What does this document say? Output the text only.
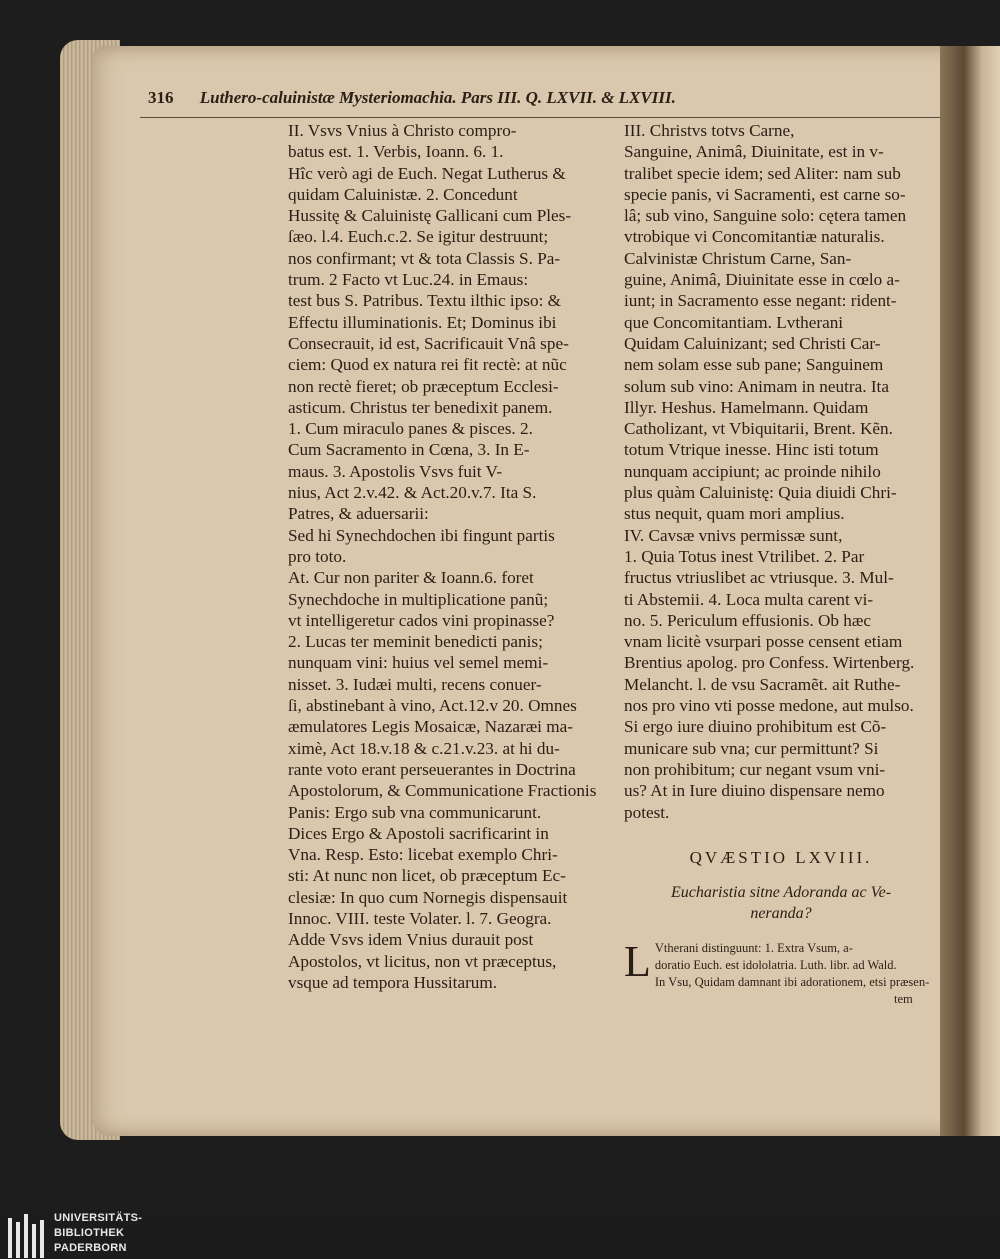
316 Luthero-caluinistæ Mysteriomachia. Pars III. Q. LXVII. & LXVIII.
II. Vsvs Vnius à Christo compro-
batus est. 1. Verbis, Ioann. 6. 1.
Hîc verò agi de Euch. Negat Lutherus &
quidam Caluinistæ. 2. Concedunt
Hussitę & Caluinistę Gallicani cum Ples-
ſæo. l.4. Euch.c.2. Se igitur destruunt;
nos confirmant; vt & tota Classis S. Pa-
trum. 2 Facto vt Luc.24. in Emaus:
test bus S. Patribus. Textu ilthic ipso: &
Effectu illuminationis. Et; Dominus ibi
Consecrauit, id est, Sacrificauit Vnâ spe-
ciem: Quod ex natura rei fit rectè: at nũc
non rectè fieret; ob præceptum Ecclesi-
asticum. Christus ter benedixit panem.
1. Cum miraculo panes & pisces. 2.
Cum Sacramento in Cœna, 3. In E-
maus. 3. Apostolis Vsvs fuit V-
nius, Act 2.v.42. & Act.20.v.7. Ita S.
Patres, & aduersarii:
Sed hi Synechdochen ibi fingunt partis
pro toto.
At. Cur non pariter & Ioann.6. foret
Synechdoche in multiplicatione panũ;
vt intelligeretur cados vini propinasse?
2. Lucas ter meminit benedicti panis;
nunquam vini: huius vel semel memi-
nisset. 3. Iudæi multi, recens conuer-
ſi, abstinebant à vino, Act.12.v 20. Omnes
æmulatores Legis Mosaicæ, Nazaræi ma-
ximè, Act 18.v.18 & c.21.v.23. at hi du-
rante voto erant perseuerantes in Doctrina
Apostolorum, & Communicatione Fractionis
Panis: Ergo sub vna communicarunt.
Dices Ergo & Apostoli sacrificarint in
Vna. Resp. Esto: licebat exemplo Chri-
sti: At nunc non licet, ob præceptum Ec-
clesiæ: In quo cum Nornegis dispensauit
Innoc. VIII. teste Volater. l. 7. Geogra.
Adde Vsvs idem Vnius durauit post
Apostolos, vt licitus, non vt præceptus,
vsque ad tempora Hussitarum.
III. Christvs totvs Carne,
Sanguine, Animâ, Diuinitate, est in v-
tralibet specie idem; sed Aliter: nam sub
specie panis, vi Sacramenti, est carne so-
lâ; sub vino, Sanguine solo: cętera tamen
vtrobique vi Concomitantiæ naturalis.
Calvinistæ Christum Carne, San-
guine, Animâ, Diuinitate esse in cœlo a-
iunt; in Sacramento esse negant: rident-
que Concomitantiam. Lvtherani
Quidam Caluinizant; sed Christi Car-
nem solam esse sub pane; Sanguinem
solum sub vino: Animam in neutra. Ita
Illyr. Heshus. Hamelmann. Quidam
Catholizant, vt Vbiquitarii, Brent. Kẽn.
totum Vtrique inesse. Hinc isti totum
nunquam accipiunt; ac proinde nihilo
plus quàm Caluinistę: Quia diuidi Chri-
stus nequit, quam mori amplius.
IV. Cavsæ vnivs permissæ sunt,
1. Quia Totus inest Vtrilibet. 2. Par
fructus vtriuslibet ac vtriusque. 3. Mul-
ti Abstemii. 4. Loca multa carent vi-
no. 5. Periculum effusionis. Ob hæc
vnam licitè vsurpari posse censent etiam
Brentius apolog. pro Confess. Wirtenberg.
Melancht. l. de vsu Sacramẽt. ait Ruthe-
nos pro vino vti posse medone, aut mulso.
Si ergo iure diuino prohibitum est Cõ-
municare sub vna; cur permittunt? Si
non prohibitum; cur negant vsum vni-
us? At in Iure diuino dispensare nemo
potest.
QVÆSTIO LXVIII.
Eucharistia sitne Adoranda ac Ve-
neranda?
L Vtherani distinguunt: 1. Extra Vsum, a-
doratio Euch. est idololatria. Luth. libr. ad Wald.
In Vsu, Quidam damnant ibi adorationem, etsi præsen-
tem
UNIVERSITÄTS-
BIBLIOTHEK
PADERBORN
